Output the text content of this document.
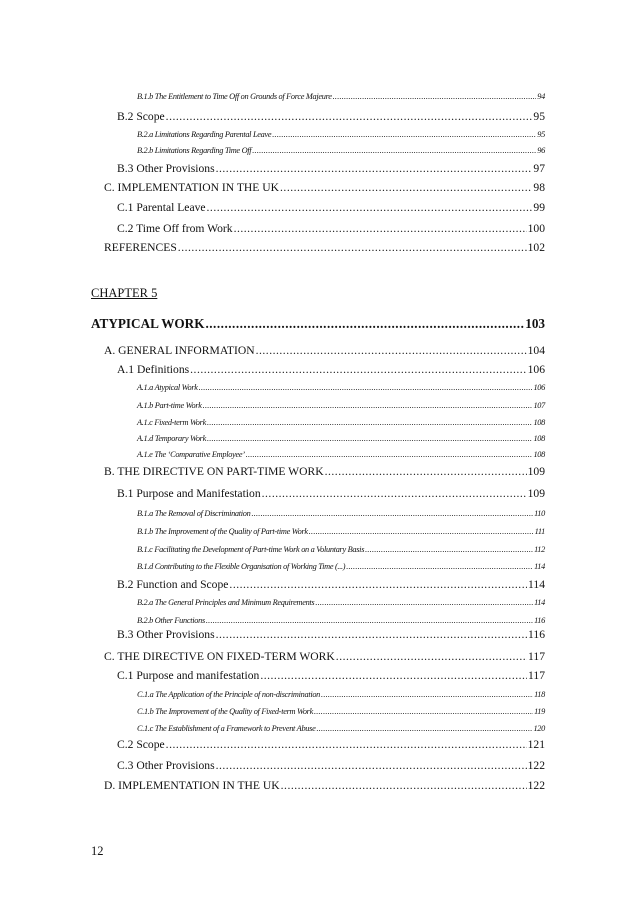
B.1.b The Entitlement to Time Off on Grounds of Force Majeure .....	94
B.2 Scope .....	95
B.2.a Limitations Regarding Parental Leave .....	95
B.2.b Limitations Regarding Time Off .....	96
B.3 Other Provisions .....	97
C. IMPLEMENTATION IN THE UK .....	98
C.1 Parental Leave .....	99
C.2 Time Off from Work .....	100
REFERENCES .....	102
CHAPTER 5
ATYPICAL WORK .....	103
A. GENERAL INFORMATION .....	104
A.1 Definitions .....	106
A.1.a Atypical Work .....	106
A.1.b Part-time Work .....	107
A.1.c Fixed-term Work .....	108
A.1.d Temporary Work .....	108
A.1.e The ‘Comparative Employee’ .....	108
B. THE DIRECTIVE ON PART-TIME WORK .....	109
B.1 Purpose and Manifestation .....	109
B.1.a The Removal of Discrimination .....	110
B.1.b The Improvement of the Quality of Part-time Work .....	111
B.1.c Facilitating the Development of Part-time Work on a Voluntary Basis .....	112
B.1.d Contributing to the Flexible Organisation of Working Time (...) .....	114
B.2 Function and Scope .....	114
B.2.a The General Principles and Minimum Requirements .....	114
B.2.b Other Functions .....	116
B.3 Other Provisions .....	116
C. THE DIRECTIVE ON FIXED-TERM WORK .....	117
C.1 Purpose and manifestation .....	117
C.1.a The Application of the Principle of non-discrimination .....	118
C.1.b The Improvement of the Quality of Fixed-term Work .....	119
C.1.c The Establishment of a Framework to Prevent Abuse .....	120
C.2 Scope .....	121
C.3 Other Provisions .....	122
D. IMPLEMENTATION IN THE UK .....	122
12
